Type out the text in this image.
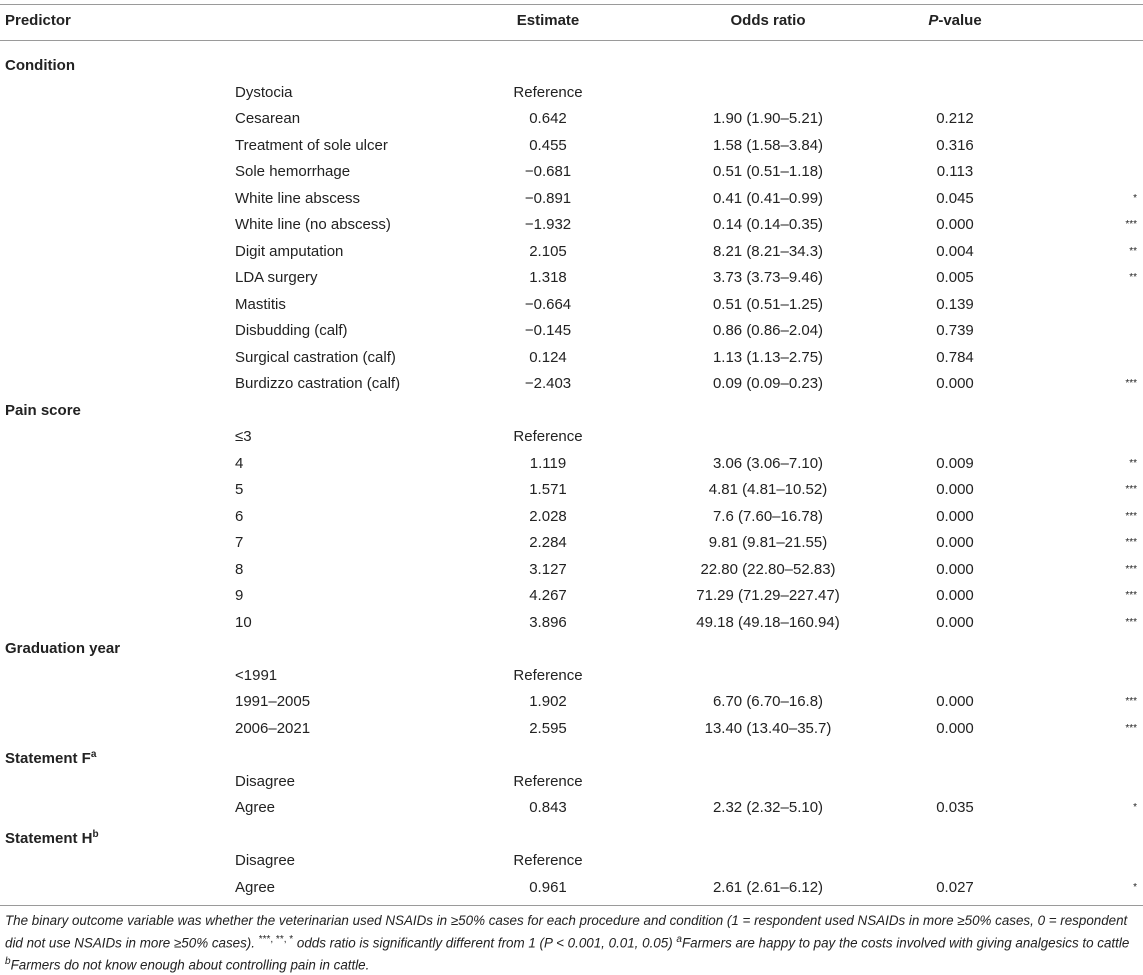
Predictor	Estimate	Odds ratio	P-value
Condition
Dystocia	Reference
Cesarean	0.642	1.90 (1.90–5.21)	0.212
Treatment of sole ulcer	0.455	1.58 (1.58–3.84)	0.316
Sole hemorrhage	−0.681	0.51 (0.51–1.18)	0.113
White line abscess	−0.891	0.41 (0.41–0.99)	0.045	*
White line (no abscess)	−1.932	0.14 (0.14–0.35)	0.000	***
Digit amputation	2.105	8.21 (8.21–34.3)	0.004	**
LDA surgery	1.318	3.73 (3.73–9.46)	0.005	**
Mastitis	−0.664	0.51 (0.51–1.25)	0.139
Disbudding (calf)	−0.145	0.86 (0.86–2.04)	0.739
Surgical castration (calf)	0.124	1.13 (1.13–2.75)	0.784
Burdizzo castration (calf)	−2.403	0.09 (0.09–0.23)	0.000	***
Pain score
≤3	Reference
4	1.119	3.06 (3.06–7.10)	0.009	**
5	1.571	4.81 (4.81–10.52)	0.000	***
6	2.028	7.6 (7.60–16.78)	0.000	***
7	2.284	9.81 (9.81–21.55)	0.000	***
8	3.127	22.80 (22.80–52.83)	0.000	***
9	4.267	71.29 (71.29–227.47)	0.000	***
10	3.896	49.18 (49.18–160.94)	0.000	***
Graduation year
<1991	Reference
1991–2005	1.902	6.70 (6.70–16.8)	0.000	***
2006–2021	2.595	13.40 (13.40–35.7)	0.000	***
Statement $F^a$
Disagree	Reference
Agree	0.843	2.32 (2.32–5.10)	0.035	*
Statement $H^b$
Disagree	Reference
Agree	0.961	2.61 (2.61–6.12)	0.027	*
The binary outcome variable was whether the veterinarian used NSAIDs in ≥50% cases for each procedure and condition (1 = respondent used NSAIDs in more ≥50% cases, 0 = respondent did not use NSAIDs in more ≥50% cases). ***, **, * odds ratio is significantly different from 1 (P < 0.001, 0.01, 0.05) $^a$Farmers are happy to pay the costs involved with giving analgesics to cattle $^b$Farmers do not know enough about controlling pain in cattle.
